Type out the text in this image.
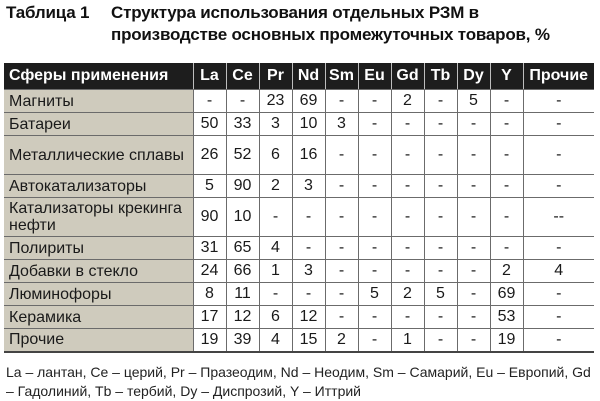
Таблица 1 Структура использования отдельных РЗМ в производстве основных промежуточных товаров, %
Сферы применения	La	Ce	Pr	Nd	Sm	Eu	Gd	Tb	Dy	Y	Прочие
Магниты	-	-	23	69	-	-	2	-	5	-	-
Батареи	50	33	3	10	3	-	-	-	-	-	-
Металлические сплавы	26	52	6	16	-	-	-	-	-	-	-
Автокатализаторы	5	90	2	3	-	-	-	-	-	-	-
Катализаторы крекинга нефти	90	10	-	-	-	-	-	-	-	-	--
Полириты	31	65	4	-	-	-	-	-	-	-	-
Добавки в стекло	24	66	1	3	-	-	-	-	-	2	4
Люминофоры	8	11	-	-	-	5	2	5	-	69	-
Керамика	17	12	6	12	-	-	-	-	-	53	-
Прочие	19	39	4	15	2	-	1	-	-	19	-
La – лантан, Ce – церий, Pr – Празеодим, Nd – Неодим, Sm – Самарий, Eu – Европий, Gd – Гадолиний, Tb – тербий, Dy – Диспрозий, Y – Иттрий
